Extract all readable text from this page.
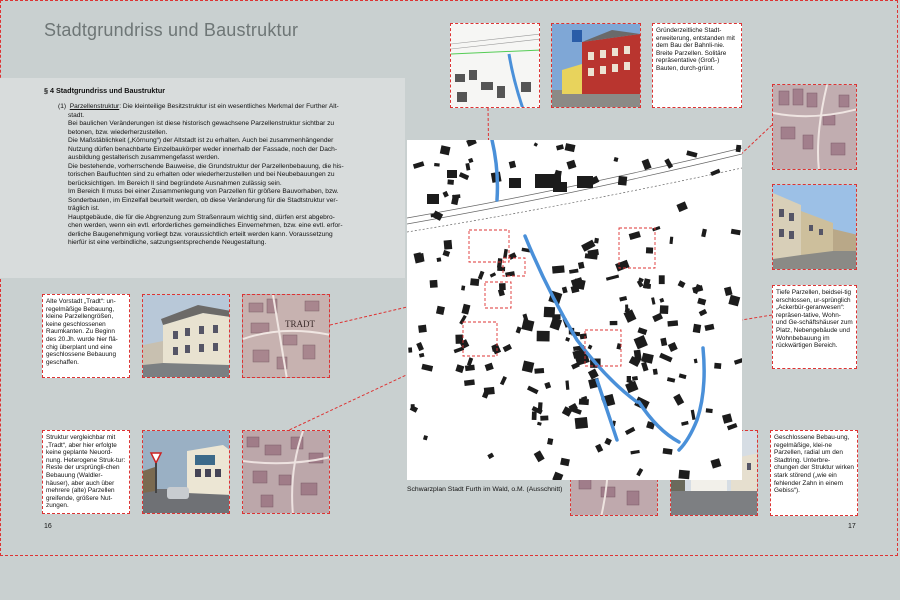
Stadtgrundriss und Baustruktur
§ 4 Stadtgrundriss und Baustruktur

(1) Parzellenstruktur: Die kleinteilige Besitzstruktur ist ein wesentliches Merkmal der Further Alt-

stadt.

Bei baulichen Veränderungen ist diese historisch gewachsene Parzellenstruktur sichtbar zu

betonen, bzw. wiederherzustellen.

Die Maßstäblichkeit („Körnung“) der Altstadt ist zu erhalten. Auch bei zusammenhängender

Nutzung dürfen benachbarte Einzelbaukörper weder innerhalb der Fassade, noch der Dach-

ausbildung gestalterisch zusammengefasst werden.

Die bestehende, vorherrschende Bauweise, die Grundstruktur der Parzellenbebauung, die his-

torischen Baufluchten sind zu erhalten oder wiederherzustellen und bei Neubebauungen zu

berücksichtigen. Im Bereich II sind begründete Ausnahmen zulässig sein.

Im Bereich II muss bei einer Zusammenlegung von Parzellen für größere Bauvorhaben, bzw.

Sonderbauten, im Einzelfall beurteilt werden, ob diese Veränderung für die Stadtstruktur ver-

träglich ist.

Hauptgebäude, die für die Abgrenzung zum Straßenraum wichtig sind, dürfen erst abgebro-

chen werden, wenn ein evtl. erforderliches gemeindliches Einvernehmen, bzw. eine evtl. erfor-

derliche Baugenehmigung vorliegt bzw. voraussichtlich erteilt werden kann. Voraussetzung

hierfür ist eine verbindliche, satzungsentsprechende Neugestaltung.

Alte Vorstadt „Tradt“: un-regelmäßige Bebauung, kleine Parzellengrößen, keine geschlossenen Raumkanten. Zu Beginn des 20.Jh. wurde hier flä-chig überplant und eine geschlossene Bebauung geschaffen.
TRADT
Struktur vergleichbar mit „Tradt“, aber hier erfolgte keine geplante Neuord-nung. Heterogene Struk-tur: Reste der ursprüngli-chen Bebauung (Waldler-häuser), aber auch über mehrere (alte) Parzellen greifende, größere Nut-zungen.
Gründerzeitliche Stadt-erweiterung, entstanden mit dem Bau der Bahnli-nie. Breite Parzellen. Solitäre repräsentative (Groß-) Bauten, durch-grünt.
Tiefe Parzellen, beidsei-tig erschlossen, ur-sprünglich „Ackerbür-geranwesen“: repräsen-tative, Wohn- und Ge-schäftshäuser zum Platz, Nebengebäude und Wohnbebauung im rückwärtigen Bereich.
Geschlossene Bebau-ung, regelmäßige, klei-ne Parzellen, radial um den Stadtring. Unterbre-chungen der Struktur wirken stark störend („wie ein fehlender Zahn in einem Gebiss“).
Schwarzplan Stadt Furth im Wald, o.M. (Ausschnitt)
16	17
